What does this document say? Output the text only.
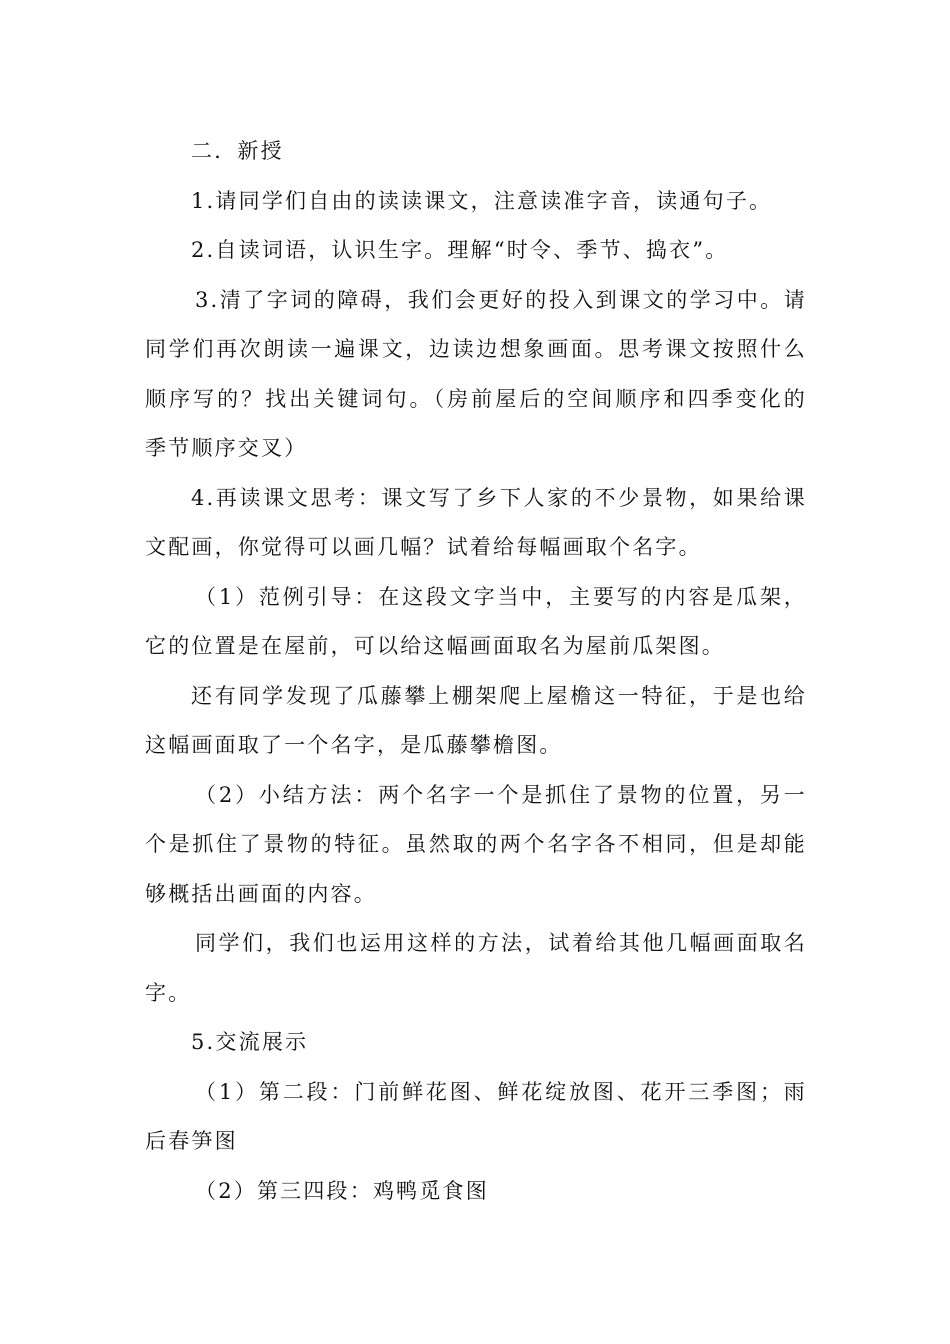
二．新授

1.请同学们自由的读读课文，注意读准字音，读通句子。

2.自读词语，认识生字。理解“时令、季节、捣衣”。

3.清了字词的障碍，我们会更好的投入到课文的学习中。请同学们再次朗读一遍课文，边读边想象画面。思考课文按照什么顺序写的？找出关键词句。（房前屋后的空间顺序和四季变化的季节顺序交叉）

4.再读课文思考：课文写了乡下人家的不少景物，如果给课文配画，你觉得可以画几幅？试着给每幅画取个名字。

（1）范例引导：在这段文字当中，主要写的内容是瓜架，它的位置是在屋前，可以给这幅画面取名为屋前瓜架图。

还有同学发现了瓜藤攀上棚架爬上屋檐这一特征，于是也给这幅画面取了一个名字，是瓜藤攀檐图。

（2）小结方法：两个名字一个是抓住了景物的位置，另一个是抓住了景物的特征。虽然取的两个名字各不相同，但是却能够概括出画面的内容。

同学们，我们也运用这样的方法，试着给其他几幅画面取名字。

5.交流展示

（1）第二段：门前鲜花图、鲜花绽放图、花开三季图；雨后春笋图

（2）第三四段：鸡鸭觅食图
